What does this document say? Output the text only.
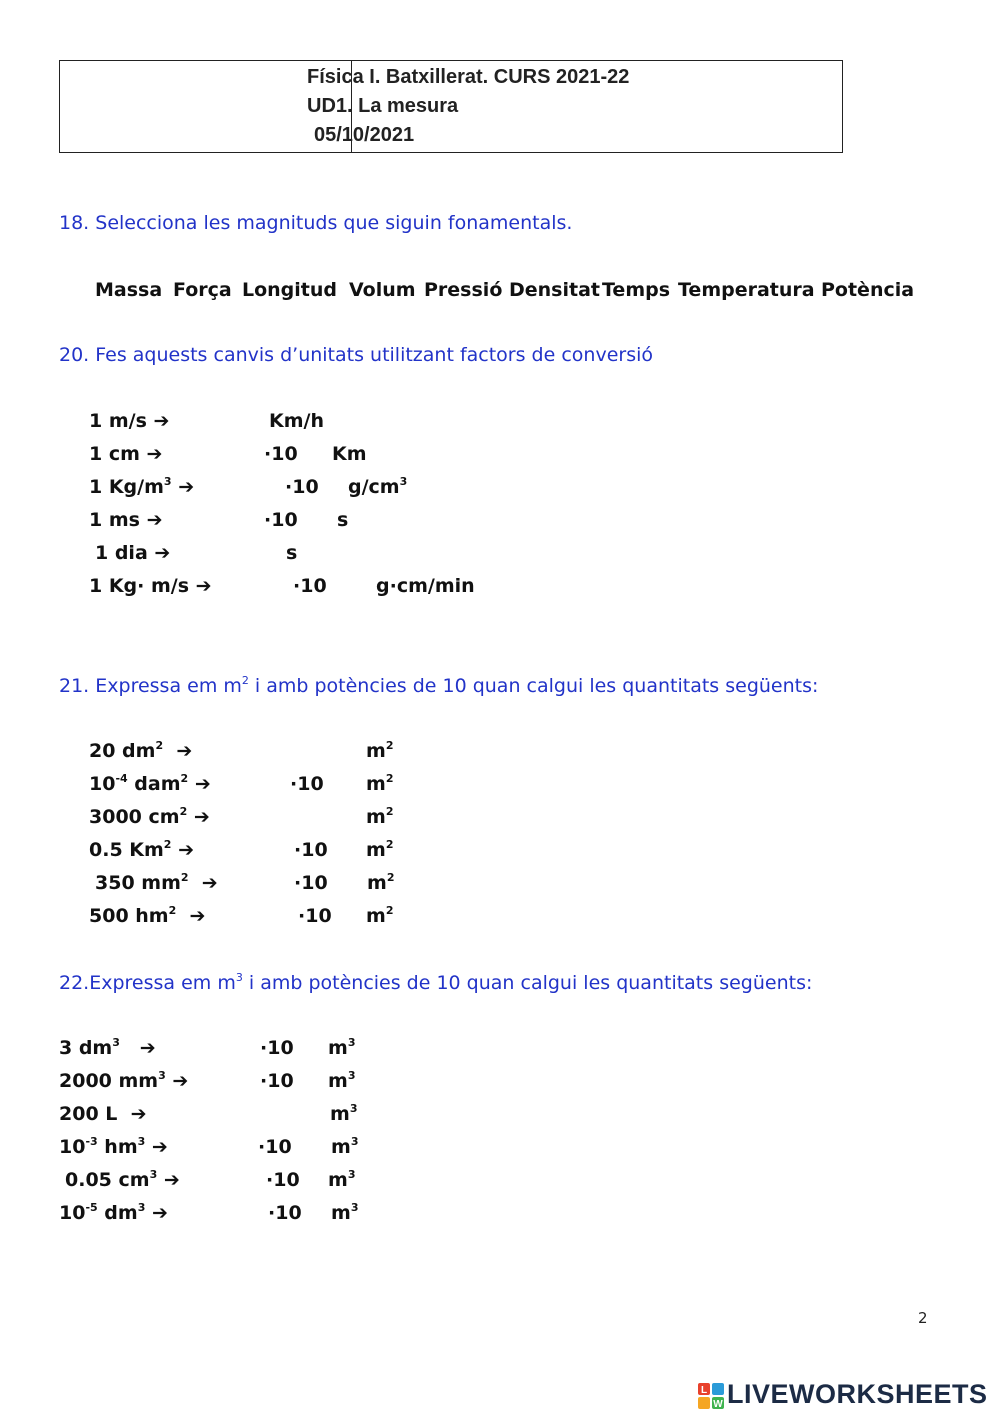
Física I. Batxillerat. CURS 2021-22
UD1. La mesura
05/10/2021
18. Selecciona les magnituds que siguin fonamentals.
Massa Força Longitud Volum Pressió Densitat Temps Temperatura Potència
20. Fes aquests canvis d’unitats utilitzant factors de conversió
1 m/s ➔	Km/h
1 cm ➔	·10 Km
1 $Kg/m^3$ ➔	·10 $g/cm^3$
1 ms ➔	·10 s
1 dia ➔	s
1 Kg· m/s ➔	·10	g·cm/min
21. Expressa em $m^2$ i amb potències de 10 quan calgui les quantitats següents:
20 $dm^2$ ➔	$m^2$
$10^{-4}$ dam$^2$ ➔	·10 $m^2$
3000 $cm^2$ ➔	$m^2$
0.5 Km$^2$ ➔	·10 $m^2$
350 $mm^2$ ➔	·10 $m^2$
500 $hm^2$ ➔	·10 $m^2$
22.Expressa em $m^3$ i amb potències de 10 quan calgui les quantitats següents:
3 $dm^3$ ➔	·10 $m^3$
2000 $mm^3$ ➔	·10 $m^3$
200 L ➔	$m^3$
$10^{-3}$ $hm^3$ ➔	·10 $m^3$
0.05 $cm^3$ ➔	·10 $m^3$
$10^{-5}$ $dm^3$ ➔	·10 $m^3$
2
L
W LIVEWORKSHEETS
